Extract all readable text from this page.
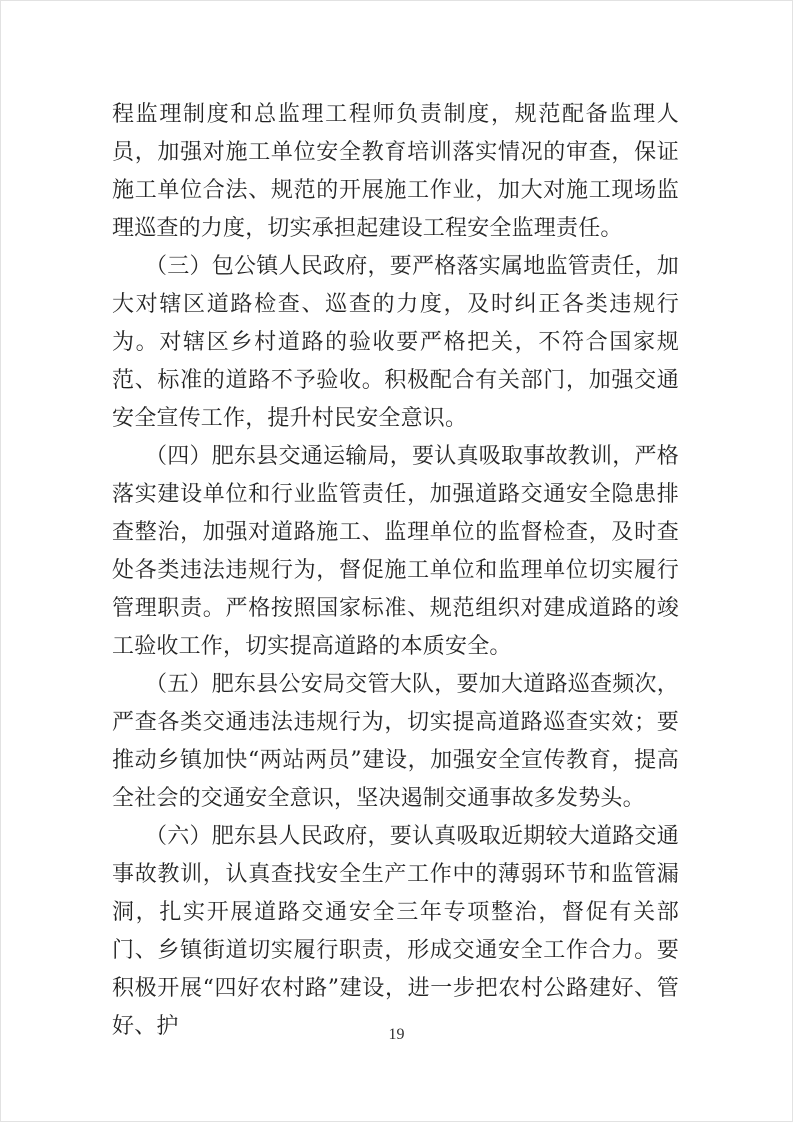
程监理制度和总监理工程师负责制度，规范配备监理人员，加强对施工单位安全教育培训落实情况的审查，保证施工单位合法、规范的开展施工作业，加大对施工现场监理巡查的力度，切实承担起建设工程安全监理责任。

（三）包公镇人民政府，要严格落实属地监管责任，加大对辖区道路检查、巡查的力度，及时纠正各类违规行为。对辖区乡村道路的验收要严格把关，不符合国家规范、标准的道路不予验收。积极配合有关部门，加强交通安全宣传工作，提升村民安全意识。

（四）肥东县交通运输局，要认真吸取事故教训，严格落实建设单位和行业监管责任，加强道路交通安全隐患排查整治，加强对道路施工、监理单位的监督检查，及时查处各类违法违规行为，督促施工单位和监理单位切实履行管理职责。严格按照国家标准、规范组织对建成道路的竣工验收工作，切实提高道路的本质安全。

（五）肥东县公安局交管大队，要加大道路巡查频次，严查各类交通违法违规行为，切实提高道路巡查实效；要推动乡镇加快“两站两员”建设，加强安全宣传教育，提高全社会的交通安全意识，坚决遏制交通事故多发势头。

（六）肥东县人民政府，要认真吸取近期较大道路交通事故教训，认真查找安全生产工作中的薄弱环节和监管漏洞，扎实开展道路交通安全三年专项整治，督促有关部门、乡镇街道切实履行职责，形成交通安全工作合力。要积极开展“四好农村路”建设，进一步把农村公路建好、管好、护	19
